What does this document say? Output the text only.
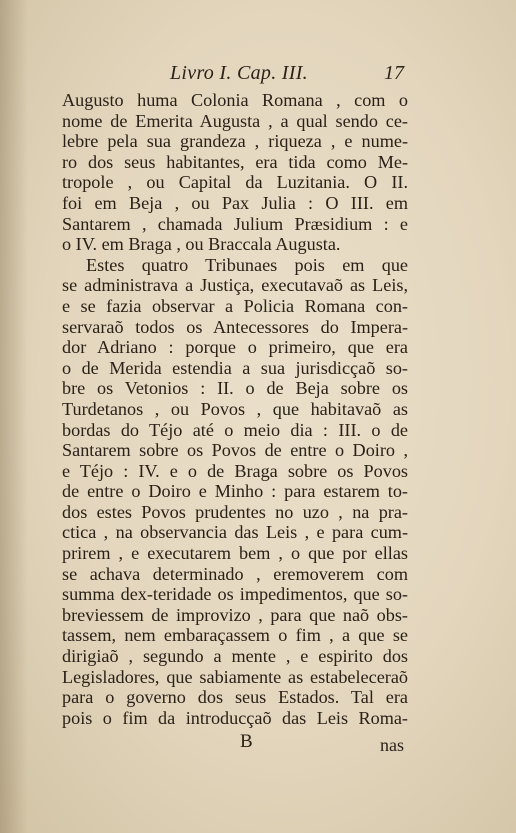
Livro I. Cap. III.	17
Augusto huma Colonia Romana , com o
nome de Emerita Augusta , a qual sendo ce-
lebre pela sua grandeza , riqueza , e nume-
ro dos seus habitantes, era tida como Me-
tropole , ou Capital da Luzitania. O II.
foi em Beja , ou Pax Julia : O III. em
Santarem , chamada Julium Præsidium : e
o IV. em Braga , ou Braccala Augusta.
Estes quatro Tribunaes pois em que
se administrava a Justiça, executavaõ as Leis,
e se fazia observar a Policia Romana con-
servaraõ todos os Antecessores do Impera-
dor Adriano : porque o primeiro, que era
o de Merida estendia a sua jurisdicçaõ so-
bre os Vetonios : II. o de Beja sobre os
Turdetanos , ou Povos , que habitavaõ as
bordas do Téjo até o meio dia : III. o de
Santarem sobre os Povos de entre o Doiro ,
e Téjo : IV. e o de Braga sobre os Povos
de entre o Doiro e Minho : para estarem to-
dos estes Povos prudentes no uzo , na pra-
ctica , na observancia das Leis , e para cum-
prirem , e executarem bem , o que por ellas
se achava determinado , eremoverem com
summa dex-teridade os impedimentos, que so-
breviessem de improvizo , para que naõ obs-
tassem, nem embaraçassem o fim , a que se
dirigiaõ , segundo a mente , e espirito dos
Legisladores, que sabiamente as estabeleceraõ
para o governo dos seus Estados. Tal era
pois o fim da introducçaõ das Leis Roma-
B	nas
